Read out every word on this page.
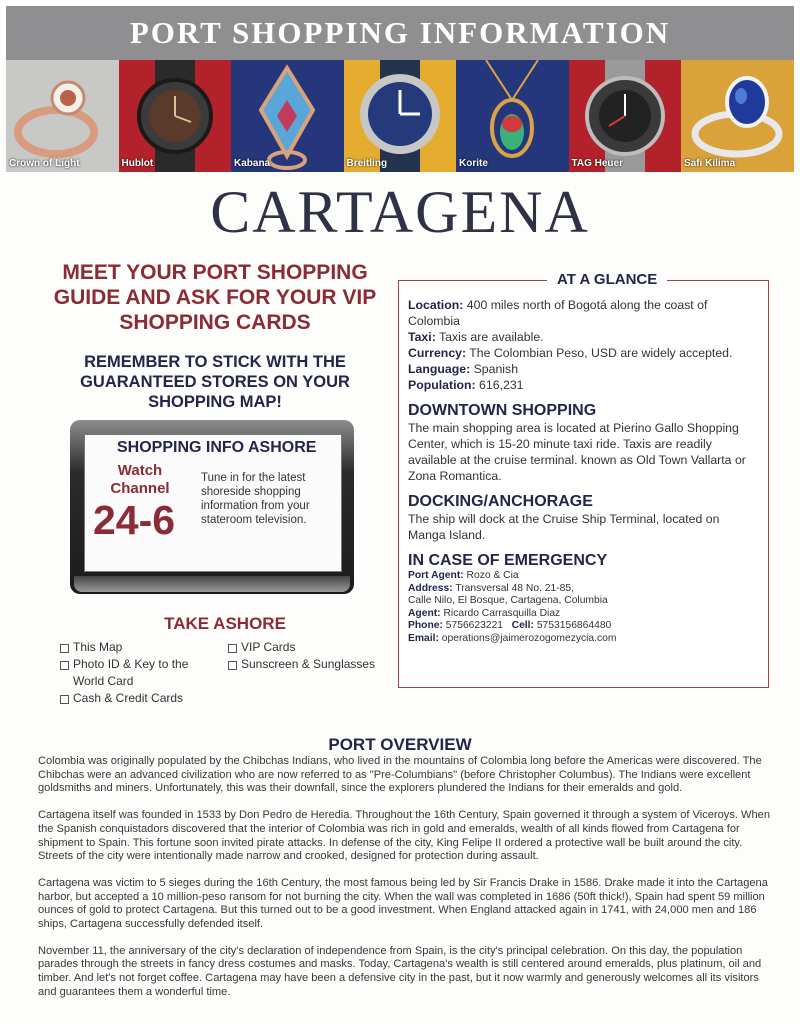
PORT SHOPPING INFORMATION
Crown of Light	Hublot	Kabana	Breitling	Korite	TAG Heuer	Safi Kilima
CARTAGENA
MEET YOUR PORT SHOPPING GUIDE AND ASK FOR YOUR VIP SHOPPING CARDS
REMEMBER TO STICK WITH THE GUARANTEED STORES ON YOUR SHOPPING MAP!
SHOPPING INFO ASHORE
Watch Channel
24-6
Tune in for the latest shoreside shopping information from your stateroom television.
TAKE ASHORE
This Map
Photo ID & Key to the World Card
Cash & Credit Cards
VIP Cards
Sunscreen & Sunglasses
AT A GLANCE
Location: 400 miles north of Bogotá along the coast of Colombia
Taxi: Taxis are available.
Currency: The Colombian Peso, USD are widely accepted.
Language: Spanish
Population: 616,231
DOWNTOWN SHOPPING
The main shopping area is located at Pierino Gallo Shopping Center, which is 15-20 minute taxi ride. Taxis are readily available at the cruise terminal. known as Old Town Vallarta or Zona Romantica.
DOCKING/ANCHORAGE
The ship will dock at the Cruise Ship Terminal, located on Manga Island.
IN CASE OF EMERGENCY
Port Agent: Rozo & Cia
Address: Transversal 48 No. 21-85,
Calle Nilo, El Bosque, Cartagena, Columbia
Agent: Ricardo Carrasquilla Diaz
Phone: 5756623221 Cell: 5753156864480
Email: operations@jaimerozogomezycia.com
PORT OVERVIEW

Colombia was originally populated by the Chibchas Indians, who lived in the mountains of Colombia long before the Americas were discovered. The Chibchas were an advanced civilization who are now referred to as "Pre-Columbians" (before Christopher Columbus). The Indians were excellent goldsmiths and miners. Unfortunately, this was their downfall, since the explorers plundered the Indians for their emeralds and gold.

Cartagena itself was founded in 1533 by Don Pedro de Heredia. Throughout the 16th Century, Spain governed it through a system of Viceroys. When the Spanish conquistadors discovered that the interior of Colombia was rich in gold and emeralds, wealth of all kinds flowed from Cartagena for shipment to Spain. This fortune soon invited pirate attacks. In defense of the city, King Felipe II ordered a protective wall be built around the city. Streets of the city were intentionally made narrow and crooked, designed for protection during assault.

Cartagena was victim to 5 sieges during the 16th Century, the most famous being led by Sir Francis Drake in 1586. Drake made it into the Cartagena harbor, but accepted a 10 million-peso ransom for not burning the city. When the wall was completed in 1686 (50ft thick!), Spain had spent 59 million ounces of gold to protect Cartagena. But this turned out to be a good investment. When England attacked again in 1741, with 24,000 men and 186 ships, Cartagena successfully defended itself.

November 11, the anniversary of the city's declaration of independence from Spain, is the city's principal celebration. On this day, the population parades through the streets in fancy dress costumes and masks. Today, Cartagena's wealth is still centered around emeralds, plus platinum, oil and timber. And let's not forget coffee. Cartagena may have been a defensive city in the past, but it now warmly and generously welcomes all its visitors and guarantees them a wonderful time.
